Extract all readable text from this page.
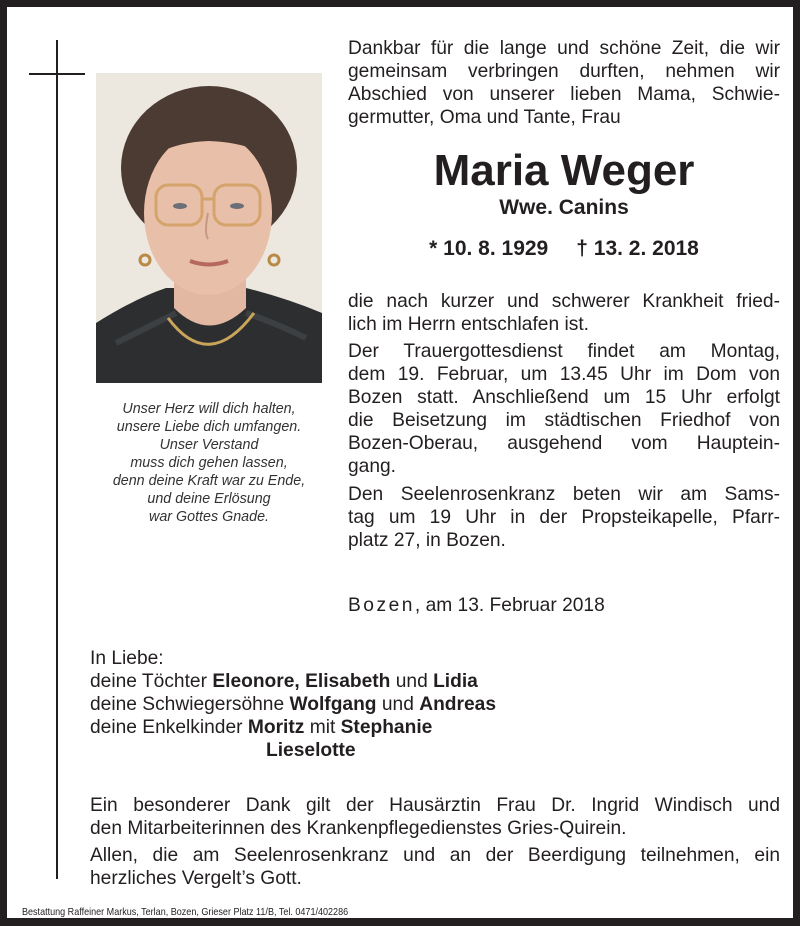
Unser Herz will dich halten,
unsere Liebe dich umfangen.
Unser Verstand
muss dich gehen lassen,
denn deine Kraft war zu Ende,
und deine Erlösung
war Gottes Gnade.
Dankbar für die lange und schöne Zeit, die wir
gemeinsam verbringen durften, nehmen wir
Abschied von unserer lieben Mama, Schwie-
germutter, Oma und Tante, Frau
Maria Weger
Wwe. Canins
* 10. 8. 1929 † 13. 2. 2018
die nach kurzer und schwerer Krankheit fried-
lich im Herrn entschlafen ist.
Der Trauergottesdienst findet am Montag,
dem 19. Februar, um 13.45 Uhr im Dom von
Bozen statt. Anschließend um 15 Uhr erfolgt
die Beisetzung im städtischen Friedhof von
Bozen-Oberau, ausgehend vom Hauptein-
gang.
Den Seelenrosenkranz beten wir am Sams-
tag um 19 Uhr in der Propsteikapelle, Pfarr-
platz 27, in Bozen.
Bozen, am 13. Februar 2018
In Liebe:
deine Töchter Eleonore, Elisabeth und Lidia
deine Schwiegersöhne Wolfgang und Andreas
deine Enkelkinder Moritz mit Stephanie
Lieselotte
Ein besonderer Dank gilt der Hausärztin Frau Dr. Ingrid Windisch und
den Mitarbeiterinnen des Krankenpflegedienstes Gries-Quirein.
Allen, die am Seelenrosenkranz und an der Beerdigung teilnehmen, ein
herzliches Vergelt’s Gott.
Bestattung Raffeiner Markus, Terlan, Bozen, Grieser Platz 11/B, Tel. 0471/402286
